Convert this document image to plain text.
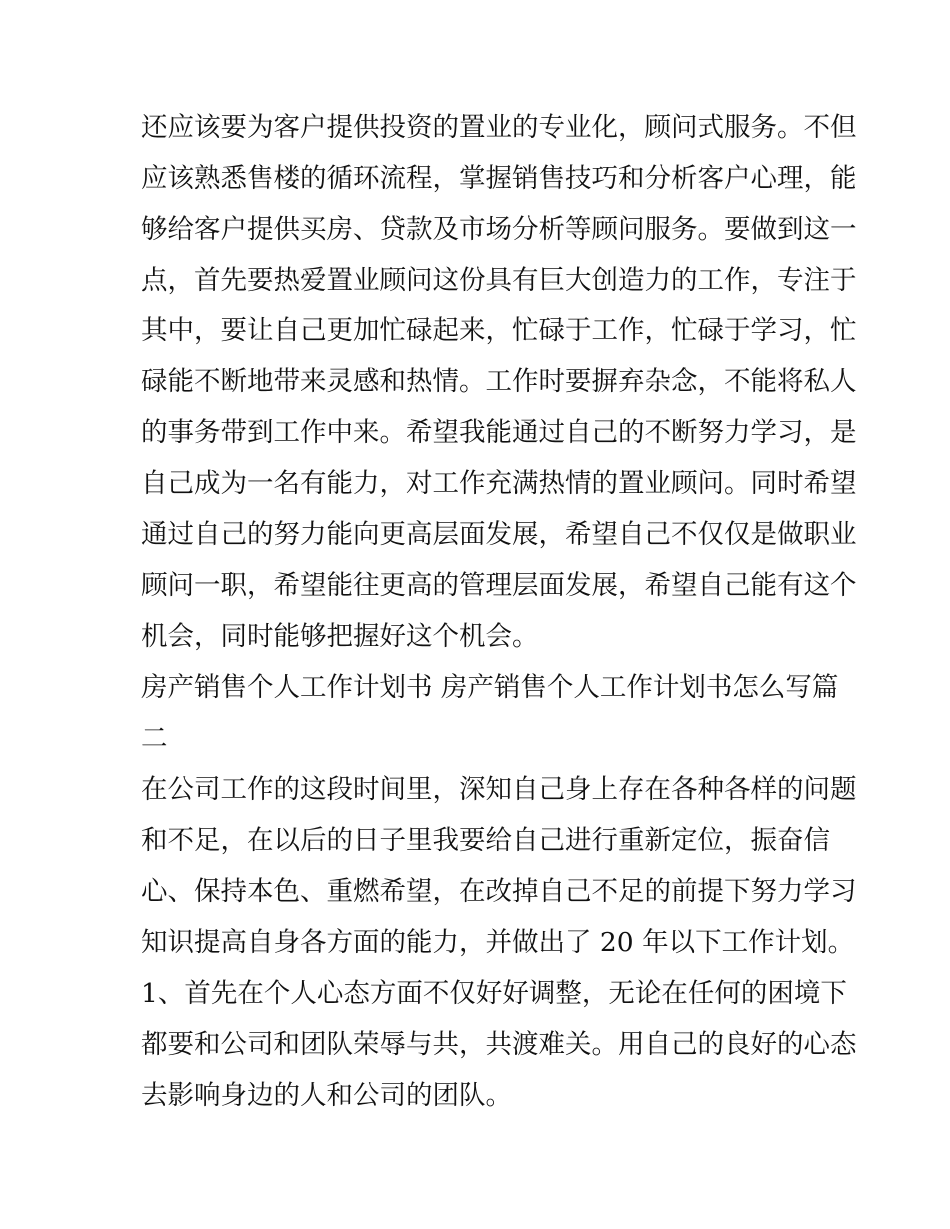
还应该要为客户提供投资的置业的专业化，顾问式服务。不但
应该熟悉售楼的循环流程，掌握销售技巧和分析客户心理，能
够给客户提供买房、贷款及市场分析等顾问服务。要做到这一
点，首先要热爱置业顾问这份具有巨大创造力的工作，专注于
其中，要让自己更加忙碌起来，忙碌于工作，忙碌于学习，忙
碌能不断地带来灵感和热情。工作时要摒弃杂念，不能将私人
的事务带到工作中来。希望我能通过自己的不断努力学习，是
自己成为一名有能力，对工作充满热情的置业顾问。同时希望
通过自己的努力能向更高层面发展，希望自己不仅仅是做职业
顾问一职，希望能往更高的管理层面发展，希望自己能有这个
机会，同时能够把握好这个机会。
房产销售个人工作计划书 房产销售个人工作计划书怎么写篇
二
在公司工作的这段时间里，深知自己身上存在各种各样的问题
和不足，在以后的日子里我要给自己进行重新定位，振奋信
心、保持本色、重燃希望，在改掉自己不足的前提下努力学习
知识提高自身各方面的能力，并做出了 20 年以下工作计划。
1、首先在个人心态方面不仅好好调整，无论在任何的困境下
都要和公司和团队荣辱与共，共渡难关。用自己的良好的心态
去影响身边的人和公司的团队。
